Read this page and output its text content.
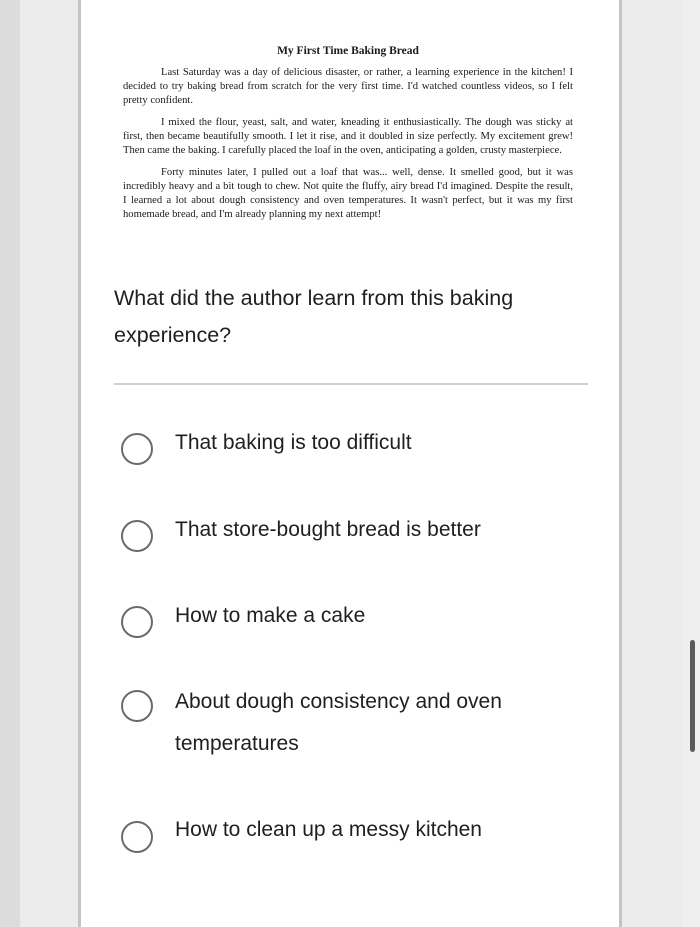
My First Time Baking Bread

Last Saturday was a day of delicious disaster, or rather, a learning experience in the kitchen! I decided to try baking bread from scratch for the very first time. I'd watched countless videos, so I felt pretty confident.

I mixed the flour, yeast, salt, and water, kneading it enthusiastically. The dough was sticky at first, then became beautifully smooth. I let it rise, and it doubled in size perfectly. My excitement grew! Then came the baking. I carefully placed the loaf in the oven, anticipating a golden, crusty masterpiece.

Forty minutes later, I pulled out a loaf that was... well, dense. It smelled good, but it was incredibly heavy and a bit tough to chew. Not quite the fluffy, airy bread I'd imagined. Despite the result, I learned a lot about dough consistency and oven temperatures. It wasn't perfect, but it was my first homemade bread, and I'm already planning my next attempt!

What did the author learn from this baking experience?

That baking is too difficult
That store-bought bread is better
How to make a cake
About dough consistency and oven temperatures
How to clean up a messy kitchen
